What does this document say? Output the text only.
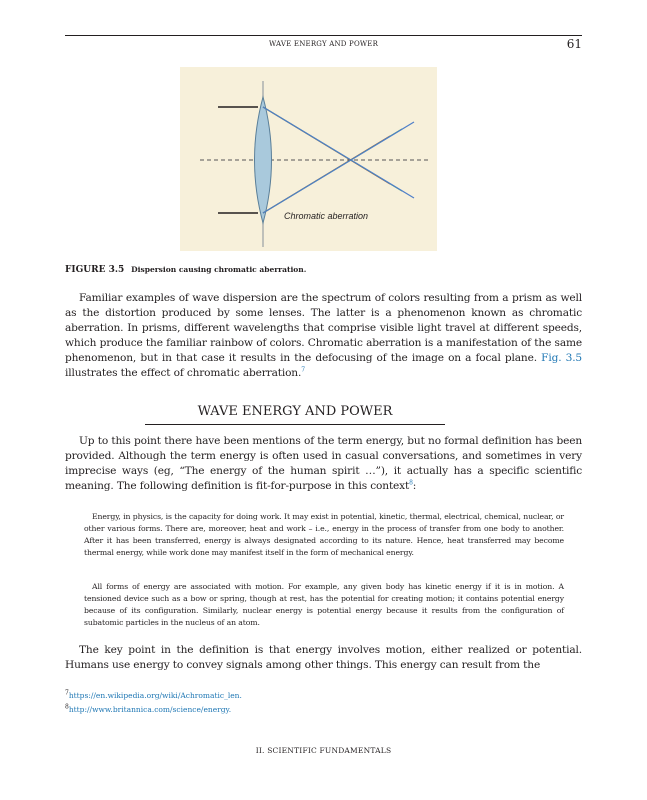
WAVE ENERGY AND POWER	61
Chromatic aberration
FIGURE 3.5 Dispersion causing chromatic aberration.

Familiar examples of wave dispersion are the spectrum of colors resulting from a prism as well as the distortion produced by some lenses. The latter is a phenomenon known as chromatic aberration. In prisms, different wavelengths that comprise visible light travel at different speeds, which produce the familiar rainbow of colors. Chromatic aberration is a manifestation of the same phenomenon, but in that case it results in the defocusing of the image on a focal plane. Fig. 3.5 illustrates the effect of chromatic aberration.$^7$

WAVE ENERGY AND POWER

Up to this point there have been mentions of the term energy, but no formal definition has been provided. Although the term energy is often used in casual conversations, and sometimes in very imprecise ways (eg, “The energy of the human spirit …”), it actually has a specific scientific meaning. The following definition is fit-for-purpose in this context$^8$:

Energy, in physics, is the capacity for doing work. It may exist in potential, kinetic, thermal, electrical, chemical, nuclear, or other various forms. There are, moreover, heat and work – i.e., energy in the process of transfer from one body to another. After it has been transferred, energy is always designated according to its nature. Hence, heat transferred may become thermal energy, while work done may manifest itself in the form of mechanical energy.

All forms of energy are associated with motion. For example, any given body has kinetic energy if it is in motion. A tensioned device such as a bow or spring, though at rest, has the potential for creating motion; it contains potential energy because of its configuration. Similarly, nuclear energy is potential energy because it results from the configuration of subatomic particles in the nucleus of an atom.

The key point in the definition is that energy involves motion, either realized or potential. Humans use energy to convey signals among other things. This energy can result from the

$^7$https://en.wikipedia.org/wiki/Achromatic_len.
$^8$http://www.britannica.com/science/energy.
II. SCIENTIFIC FUNDAMENTALS
